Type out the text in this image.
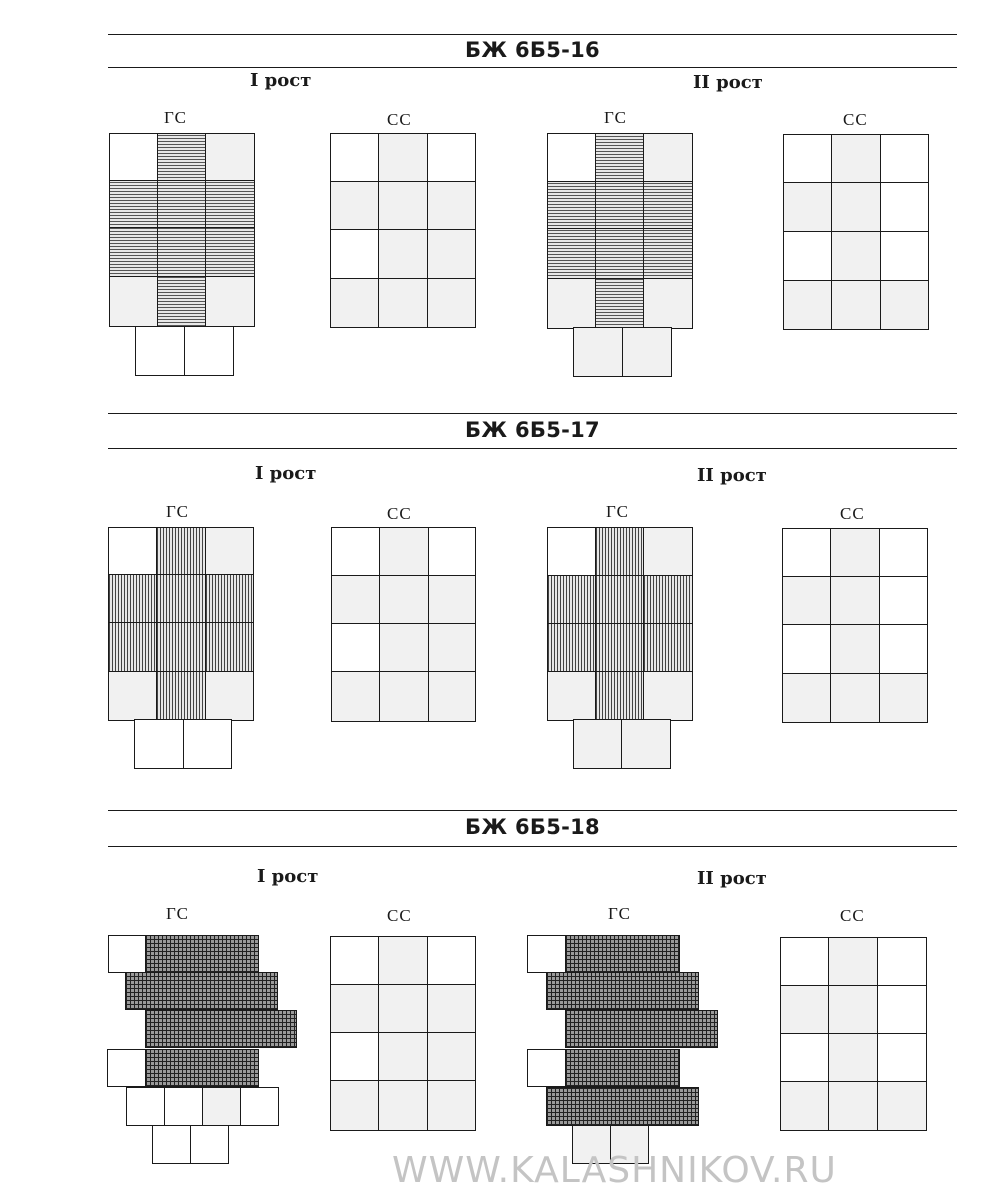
БЖ 6Б5-16
БЖ 6Б5-17
БЖ 6Б5-18
I рост	II рост
I рост	II рост
I рост	II рост
ГС	СС	ГС	СС
ГС	СС	ГС	СС
ГС	СС	ГС	СС
WWW.KALASHNIKOV.RU
